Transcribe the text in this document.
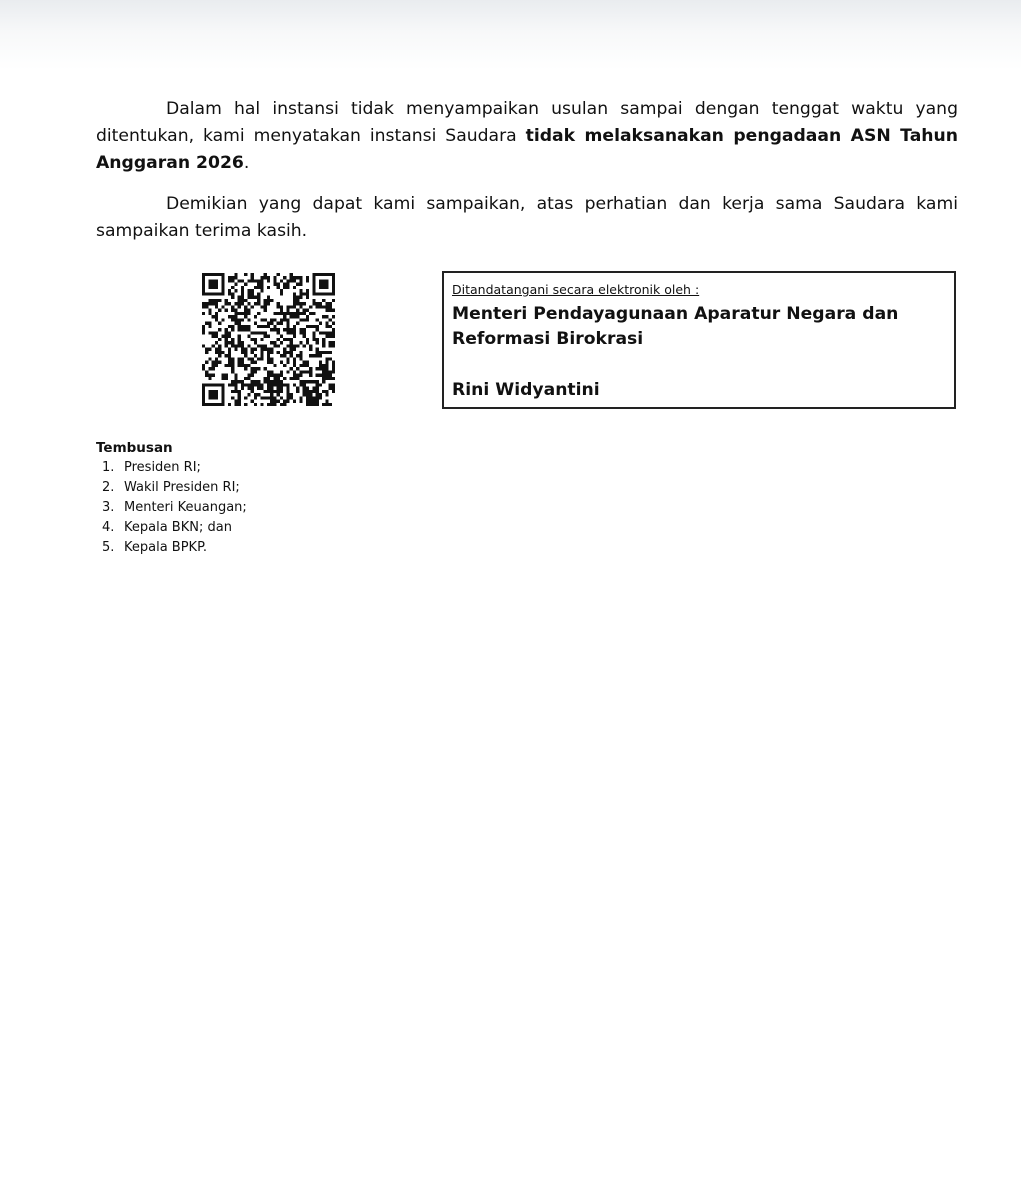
Dalam hal instansi tidak menyampaikan usulan sampai dengan tenggat waktu yang ditentukan, kami menyatakan instansi Saudara tidak melaksanakan pengadaan ASN Tahun Anggaran 2026.

Demikian yang dapat kami sampaikan, atas perhatian dan kerja sama Saudara kami sampaikan terima kasih.

Ditandatangani secara elektronik oleh :
Menteri Pendayagunaan Aparatur Negara dan Reformasi Birokrasi
Rini Widyantini
Tembusan
1. Presiden RI;
2. Wakil Presiden RI;
3. Menteri Keuangan;
4. Kepala BKN; dan
5. Kepala BPKP.
